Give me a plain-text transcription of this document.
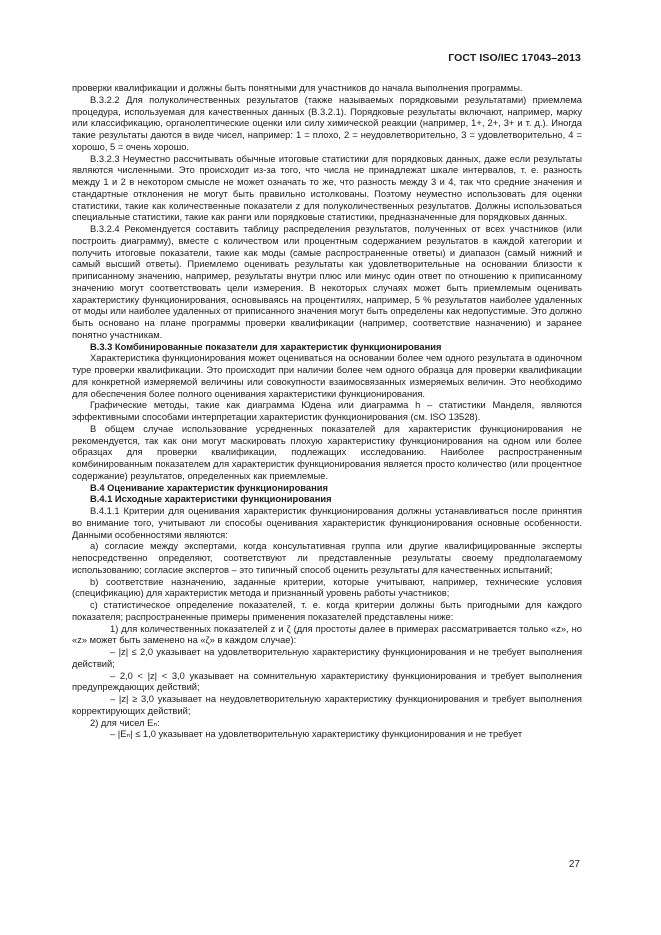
ГОСТ ISO/IEC 17043–2013

проверки квалификации и должны быть понятными для участников до начала выполнения программы.

В.3.2.2 Для полуколичественных результатов (также называемых порядковыми результатами) приемлема процедура, используемая для качественных данных (В.3.2.1). Порядковые результаты включают, например, марку или классификацию, органолептические оценки или силу химической реакции (например, 1+, 2+, 3+ и т. д.). Иногда такие результаты даются в виде чисел, например: 1 = плохо, 2 = неудовлетворительно, 3 = удовлетворительно, 4 = хорошо, 5 = очень хорошо.

В.3.2.3 Неуместно рассчитывать обычные итоговые статистики для порядковых данных, даже если результаты являются численными. Это происходит из-за того, что числа не принадлежат шкале интервалов, т. е. разность между 1 и 2 в некотором смысле не может означать то же, что разность между 3 и 4, так что средние значения и стандартные отклонения не могут быть правильно истолкованы. Поэтому неуместно использовать для оценки статистики, такие как количественные показатели z для полуколичественных результатов. Должны использоваться специальные статистики, такие как ранги или порядковые статистики, предназначенные для порядковых данных.

В.3.2.4 Рекомендуется составить таблицу распределения результатов, полученных от всех участников (или построить диаграмму), вместе с количеством или процентным содержанием результатов в каждой категории и получить итоговые показатели, такие как моды (самые распространенные ответы) и диапазон (самый нижний и самый высший ответы). Приемлемо оценивать результаты как удовлетворительные на основании близости к приписанному значению, например, результаты внутри плюс или минус один ответ по отношению к приписанному значению могут соответствовать цели измерения. В некоторых случаях может быть приемлемым оценивать характеристику функционирования, основываясь на процентилях, например, 5 % результатов наиболее удаленных от моды или наиболее удаленных от приписанного значения могут быть определены как недопустимые. Это должно быть основано на плане программы проверки квалификации (например, соответствие назначению) и заранее понятно участникам.

В.3.3 Комбинированные показатели для характеристик функционирования

Характеристика функционирования может оцениваться на основании более чем одного результата в одиночном туре проверки квалификации. Это происходит при наличии более чем одного образца для проверки квалификации для конкретной измеряемой величины или совокупности взаимосвязанных измеряемых величин. Это необходимо для обеспечения более полного оценивания характеристики функционирования.

Графические методы, такие как диаграмма Юдена или диаграмма h – статистики Манделя, являются эффективными способами интерпретации характеристик функционирования (см. ISO 13528).

В общем случае использование усредненных показателей для характеристик функционирования не рекомендуется, так как они могут маскировать плохую характеристику функционирования на одном или более образцах для проверки квалификации, подлежащих исследованию. Наиболее распространенным комбинированным показателем для характеристик функционирования является просто количество (или процентное содержание) результатов, определенных как приемлемые.

В.4 Оценивание характеристик функционирования

В.4.1 Исходные характеристики функционирования

В.4.1.1 Критерии для оценивания характеристик функционирования должны устанавливаться после принятия во внимание того, учитывают ли способы оценивания характеристик функционирования основные особенности. Данными особенностями являются:

а) согласие между экспертами, когда консультативная группа или другие квалифицированные эксперты непосредственно определяют, соответствуют ли представленные результаты своему предполагаемому использованию; согласие экспертов – это типичный способ оценить результаты для качественных испытаний;

b) соответствие назначению, заданные критерии, которые учитывают, например, технические условия (спецификацию) для характеристик метода и признанный уровень работы участников;

с) статистическое определение показателей, т. е. когда критерии должны быть пригодными для каждого показателя; распространенные примеры применения показателей представлены ниже:

1) для количественных показателей z и ζ (для простоты далее в примерах рассматривается только «z», но «z» может быть заменено на «ζ» в каждом случае):

– |z| ≤ 2,0 указывает на удовлетворительную характеристику функционирования и не требует выполнения действий;

– 2,0 < |z| < 3,0 указывает на сомнительную характеристику функционирования и требует выполнения предупреждающих действий;

– |z| ≥ 3,0 указывает на неудовлетворительную характеристику функционирования и требует выполнения корректирующих действий;

2) для чисел Eₙ:

– |Eₙ| ≤ 1,0 указывает на удовлетворительную характеристику функционирования и не требует

27
